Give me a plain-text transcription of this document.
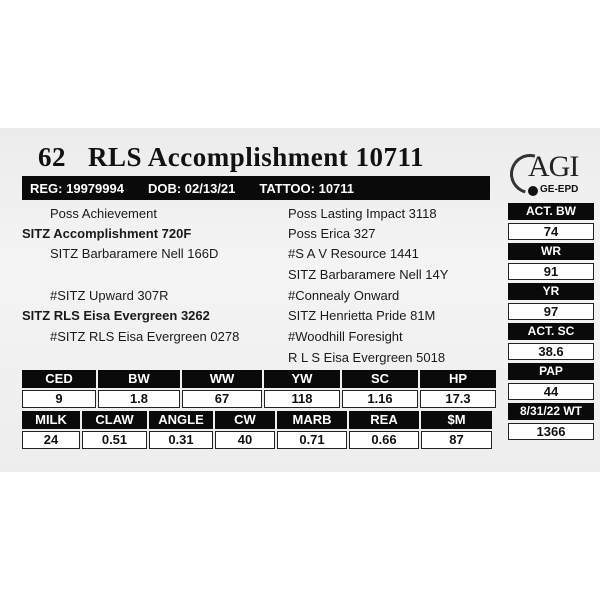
62 RLS Accomplishment 10711	AGI
GE-EPD
REG: 19979994 DOB: 02/13/21 TATTOO: 10711
Poss Achievement
SITZ Accomplishment 720F
SITZ Barbaramere Nell 166D
#SITZ Upward 307R
SITZ RLS Eisa Evergreen 3262
#SITZ RLS Eisa Evergreen 0278
Poss Lasting Impact 3118
Poss Erica 327
#S A V Resource 1441
SITZ Barbaramere Nell 14Y
#Connealy Onward
SITZ Henrietta Pride 81M
#Woodhill Foresight
R L S Eisa Evergreen 5018
ACT. BW
74
WR
91
YR
97
ACT. SC
38.6
PAP
44
8/31/22 WT
1366
CED	BW	WW	YW	SC	HP
9	1.8	67	118	1.16	17.3
MILK	CLAW	ANGLE	CW	MARB	REA	$M
24	0.51	0.31	40	0.71	0.66	87
